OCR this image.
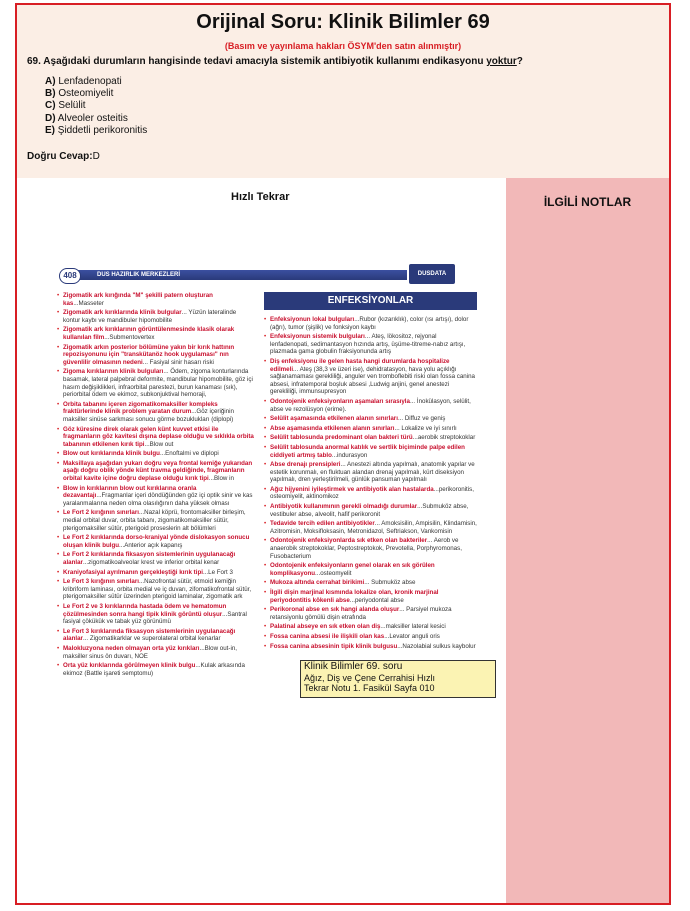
Orijinal Soru: Klinik Bilimler 69
(Basım ve yayınlama hakları ÖSYM'den satın alınmıştır)
69. Aşağıdaki durumların hangisinde tedavi amacıyla sistemik antibiyotik kullanımı endikasyonu yoktur?
A) Lenfadenopati
B) Osteomiyelit
C) Selülit
D) Alveoler osteitis
E) Şiddetli perikoronitis
Doğru Cevap:D
Hızlı Tekrar
DUS HAZIRLIK MERKEZLERİ
408	DUSDATA
• Zigomatik ark kırığında "M" şekilli patern oluşturan kas...Masseter
• Zigomatik ark kırıklarında klinik bulgular... Yüzün lateralinde kontur kaybı ve mandibuler hipomobilite
• Zigomatik ark kırıklarının görüntülenmesinde klasik olarak kullanılan film...Submentovertex
• Zigomatik arkın posterior bölümüne yakın bir kırık hattının repozisyonunu için "transkütanöz hook uygulaması" nın güvenlilir olmasının nedeni... Fasiyal sinir hasarı riski
• Zigoma kırıklarının klinik bulguları... Ödem, zigoma konturlarında basamak, lateral palpebral deformite, mandibular hipomobilite, göz içi hasım değişiklikleri, infraorbital parestezi, burun kanaması (sık), periorbital ödem ve ekimoz, subkonjuktival hemoraji,
• Orbita tabanını içeren zigomatikomaksiller kompleks fraktürlerinde klinik problem yaratan durum...Göz içeriğinin maksiller sinüse sarkması sonucu görme bozuklukları (diplopi)
• Göz küresine direk olarak gelen künt kuvvet etkisi ile fragmanların göz kavitesi dışına deplase olduğu ve sıklıkla orbita tabanının etkilenen kırık tipi...Blow out
• Blow out kırıklarında klinik bulgu...Enoftalmi ve diplopi
• Maksillaya aşağıdan yukarı doğru veya frontal kemiğe yukarıdan aşağı doğru oblik yönde künt travma geldiğinde, fragmanların orbital kavite içine doğru deplase olduğu kırık tipi...Blow in
• Blow in kırıklarının blow out kırıklarına oranla dezavantajı...Fragmanlar içeri döndüğünden göz içi optik sinir ve kas yaralanmalarına neden olma olasılığının daha yüksek olması
• Le Fort 2 kırığının sınırları...Nazal köprü, frontomaksiller birleşim, medial orbital duvar, orbita tabanı, zigomatikomaksiller sütür, pterigomaksiller sütür, pterigoid proseslerin alt bölümleri
• Le Fort 2 kırıklarında dorso-kraniyal yönde dislokasyon sonucu oluşan klinik bulgu...Anterior açık kapanış
• Le Fort 2 kırıklarında fiksasyon sistemlerinin uygulanacağı alanlar...zigomatikoalveolar krest ve inferior orbital kenar
• Kraniyofasiyal ayrılmanın gerçekleştiği kırık tipi...Le Fort 3
• Le Fort 3 kırığının sınırları...Nazofrontal sütür, etmoid kemiğin kribriform laminası, orbita medial ve iç duvarı, zifomatikofrontal sütür, pterigomaksiller sütür üzerinden pterigoid laminalar, zigomatik ark
• Le Fort 2 ve 3 kırıklarında hastada ödem ve hematomun çözülmesinden sonra hangi tipik klinik görüntü oluşur...Santral fasiyal çökükük ve tabak yüz görünümü
• Le Fort 3 kırıklarında fiksasyon sistemlerinin uygulanacağı alanlar... Zigomatikarklar ve superolateral orbital kenarlar
• Malokluzyona neden olmayan orta yüz kırıkları...Blow out-in, maksiller sinus ön duvarı, NOE
• Orta yüz kırıklarında görülmeyen klinik bulgu...Kulak arkasında ekimoz (Battle işareti semptomu)
ENFEKSİYONLAR
• Enfeksiyonun lokal bulguları...Rubor (kızarıklık), color (ısı artışı), dolor (ağrı), tumor (şişlik) ve fonksiyon kaybı
• Enfeksiyonun sistemik bulguları... Ateş, lökositoz, rejyonal lenfadenopati, sedimantasyon hızında artış, üşüme-titreme-nabız artışı, plazmada gama globulin fraksiyonunda artış
• Diş enfeksiyonu ile gelen hasta hangi durumlarda hospitalize edilmeli... Ateş (38,3 ve üzeri ise), dehidratasyon, hava yolu açıklığı sağlanamaması gerekliliği, anguler ven tromboflebiti riski olan fossa canina absesi, infratemporal boşluk absesi ,Ludwig anjini, genel anestezi gerekliliği, immunsupresyon
• Odontojenik enfeksiyonların aşamaları sırasıyla... İnokülasyon, selülit, abse ve rezolüsyon (erime).
• Selülit aşamasında etkilenen alanın sınırları... Diffuz ve geniş
• Abse aşamasında etkilenen alanın sınırları... Lokalize ve iyi sınırlı
• Selülit tablosunda predominant olan bakteri türü...aerobik streptokoklar
• Selülit tablosunda anormal katılık ve sertlik biçiminde palpe edilen ciddiyeti artmış tablo...indurasyon
• Abse drenajı prensipleri... Anestezi altında yapılmalı, anatomik yapılar ve estetik korunmalı, en fluktuan alandan drenaj yapılmalı, kürt diseksiyon yapılmalı, dren yerleştirilmeli, günlük pansuman yapılmalı
• Ağız hijyenini iyileştirmek ve antibiyotik alan hastalarda...perikoronitis, osteomiyelit, aktinomikoz
• Antibiyotik kullanımının gerekli olmadığı durumlar...Submuköz abse, vestibuler abse, alveolit, hafif perikoronit
• Tedavide tercih edilen antibiyotikler... Amoksisilin, Ampisilin, Klindamisin, Azitromisin, Moksifloksasin, Metronidazol, Seftriakson, Vankomisin
• Odontojenik enfeksiyonlarda sık etken olan bakteriler... Aerob ve anaerobik streptokoklar, Peptostreptokok, Prevotella, Porphyromonas, Fusobacterium
• Odontojenik enfeksiyonların genel olarak en sık görülen komplikasyonu...osteomyelit
• Mukoza altında cerrahat birikimi... Submuköz abse
• İlgili dişin marjinal kısmında lokalize olan, kronik marjinal periyodontitis kökenli abse...periyodontal abse
• Perikoronal abse en sık hangi alanda oluşur... Parsiyel mukoza retansiyonlu gömülü dişin etrafında
• Palatinal abseye en sık etken olan diş...maksiller lateral kesici
• Fossa canina absesi ile ilişkili olan kas...Levator anguli oris
• Fossa canina absesinin tipik klinik bulgusu...Nazolabial sulkus kaybolur
Klinik Bilimler 69. soru
Ağız, Diş ve Çene Cerrahisi Hızlı
Tekrar Notu 1. Fasikül Sayfa 010
İLGİLİ NOTLAR
